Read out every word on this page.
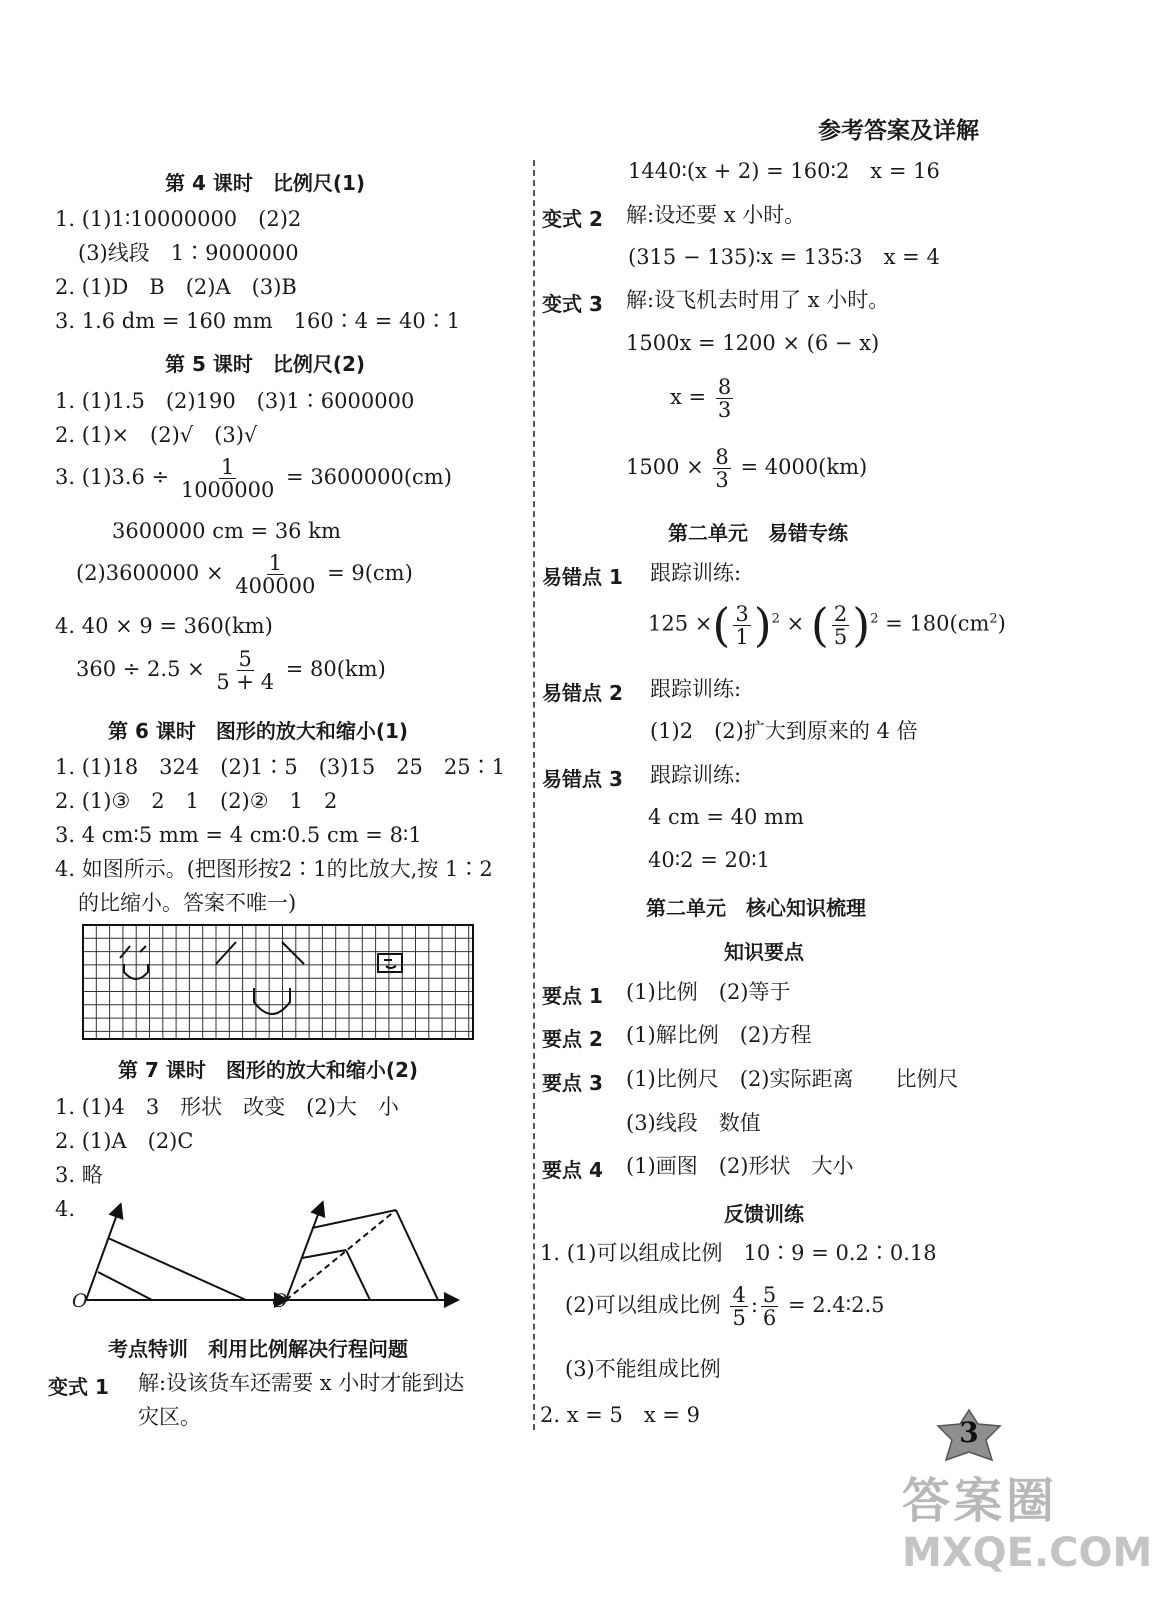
参考答案及详解
第 4 课时　比例尺(1)
1. (1)1∶10000000　(2)2
(3)线段　1∶9000000
2. (1)D　B　(2)A　(3)B
3. 1.6 dm = 160 mm　160∶4 = 40∶1
第 5 课时　比例尺(2)
1. (1)1.5　(2)190　(3)1∶6000000
2. (1)×　(2)√　(3)√
3. $(1)3.6 \div \frac{1}{1000000} = 3600000(cm)$
3600000 cm = 36 km
$(2)3600000 \times \frac{1}{400000} = 9(cm)$
4. 40 × 9 = 360(km)
$360 \div 2.5 \times \frac{5}{5 + 4} = 80(km)$
第 6 课时　图形的放大和缩小(1)
1. (1)18　324　(2)1∶5　(3)15　25　25∶1
2. (1)③　2　1　(2)②　1　2
3. 4 cm∶5 mm = 4 cm∶0.5 cm = 8∶1
4. 如图所示。(把图形按2∶1的比放大,按 1∶2
的比缩小。答案不唯一)
第 7 课时　图形的放大和缩小(2)
1. (1)4　3　形状　改变　(2)大　小
2. (1)A　(2)C
3. 略
4.
O	O
考点特训　利用比例解决行程问题
变式 1 解:设该货车还需要 x 小时才能到达
灾区。
1440∶(x + 2) = 160∶2　x = 16
变式 2 解:设还要 x 小时。
(315 − 135)∶x = 135∶3　x = 4
变式 3 解:设飞机去时用了 x 小时。
1500x = 1200 × (6 − x)
$x = \frac{8}{3}$
$1500 \times \frac{8}{3} = 4000(km)$
第二单元　易错专练
易错点 1 跟踪训练:
125 ×( $\frac{3}{1} )^2$ × ( $\frac{2}{5} )^2 = 180(cm^2)$
易错点 2 跟踪训练:
(1)2　(2)扩大到原来的 4 倍
易错点 3 跟踪训练:
4 cm = 40 mm
40∶2 = 20∶1
第二单元　核心知识梳理
知识要点
要点 1 (1)比例　(2)等于
要点 2 (1)解比例　(2)方程
要点 3 (1)比例尺　(2)实际距离　　比例尺
(3)线段　数值
要点 4 (1)画图　(2)形状　大小
反馈训练
1. (1)可以组成比例　10∶9 = 0.2∶0.18
(2)可以组成比例 $\frac{4}{5}$ : $\frac{5}{6}$ = 2.4∶2.5
(3)不能组成比例
2. x = 5　x = 9
3
答案圈
MXQE.COM
